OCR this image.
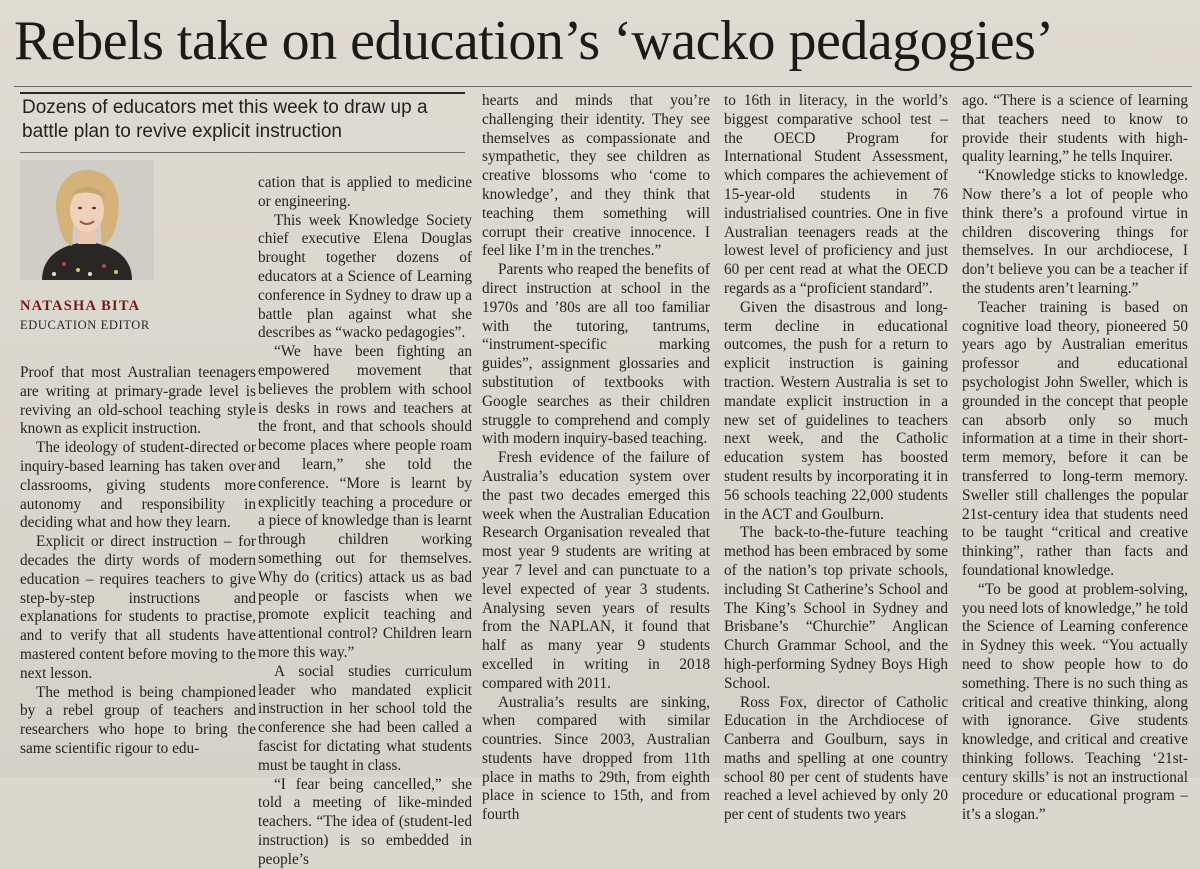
Rebels take on education’s ‘wacko pedagogies’

Dozens of educators met this week to draw up a battle plan to revive explicit instruction

NATASHA BITA
EDUCATION EDITOR

Proof that most Australian teenagers are writing at primary-grade level is reviving an old-school teaching style known as explicit instruction.

The ideology of student-directed or inquiry-based learning has taken over classrooms, giving students more autonomy and responsibility in deciding what and how they learn.

Explicit or direct instruction – for decades the dirty words of modern education – requires teachers to give step-by-step instructions and explanations for students to practise, and to verify that all students have mastered content before moving to the next lesson.

The method is being championed by a rebel group of teachers and researchers who hope to bring the same scientific rigour to edu-

cation that is applied to medicine or engineering.

This week Knowledge Society chief executive Elena Douglas brought together dozens of educators at a Science of Learning conference in Sydney to draw up a battle plan against what she describes as “wacko pedagogies”.

“We have been fighting an empowered movement that believes the problem with school is desks in rows and teachers at the front, and that schools should become places where people roam and learn,” she told the conference. “More is learnt by explicitly teaching a procedure or a piece of knowledge than is learnt through children working something out for themselves. Why do (critics) attack us as bad people or fascists when we promote explicit teaching and attentional control? Children learn more this way.”

A social studies curriculum leader who mandated explicit instruction in her school told the conference she had been called a fascist for dictating what students must be taught in class.

“I fear being cancelled,” she told a meeting of like-minded teachers. “The idea of (student-led instruction) is so embedded in people’s

hearts and minds that you’re challenging their identity. They see themselves as compassionate and sympathetic, they see children as creative blossoms who ‘come to knowledge’, and they think that teaching them something will corrupt their creative innocence. I feel like I’m in the trenches.”

Parents who reaped the benefits of direct instruction at school in the 1970s and ’80s are all too familiar with the tutoring, tantrums, “instrument-specific marking guides”, assignment glossaries and substitution of textbooks with Google searches as their children struggle to comprehend and comply with modern inquiry-based teaching.

Fresh evidence of the failure of Australia’s education system over the past two decades emerged this week when the Australian Education Research Organisation revealed that most year 9 students are writing at year 7 level and can punctuate to a level expected of year 3 students. Analysing seven years of results from the NAPLAN, it found that half as many year 9 students excelled in writing in 2018 compared with 2011.

Australia’s results are sinking, when compared with similar countries. Since 2003, Australian students have dropped from 11th place in maths to 29th, from eighth place in science to 15th, and from fourth

to 16th in literacy, in the world’s biggest comparative school test – the OECD Program for International Student Assessment, which compares the achievement of 15-year-old students in 76 industrialised countries. One in five Australian teenagers reads at the lowest level of proficiency and just 60 per cent read at what the OECD regards as a “proficient standard”.

Given the disastrous and long-term decline in educational outcomes, the push for a return to explicit instruction is gaining traction. Western Australia is set to mandate explicit instruction in a new set of guidelines to teachers next week, and the Catholic education system has boosted student results by incorporating it in 56 schools teaching 22,000 students in the ACT and Goulburn.

The back-to-the-future teaching method has been embraced by some of the nation’s top private schools, including St Catherine’s School and The King’s School in Sydney and Brisbane’s “Churchie” Anglican Church Grammar School, and the high-performing Sydney Boys High School.

Ross Fox, director of Catholic Education in the Archdiocese of Canberra and Goulburn, says in maths and spelling at one country school 80 per cent of students have reached a level achieved by only 20 per cent of students two years

ago. “There is a science of learning that teachers need to know to provide their students with high-quality learning,” he tells Inquirer.

“Knowledge sticks to knowledge. Now there’s a lot of people who think there’s a profound virtue in children discovering things for themselves. In our archdiocese, I don’t believe you can be a teacher if the students aren’t learning.”

Teacher training is based on cognitive load theory, pioneered 50 years ago by Australian emeritus professor and educational psychologist John Sweller, which is grounded in the concept that people can absorb only so much information at a time in their short-term memory, before it can be transferred to long-term memory. Sweller still challenges the popular 21st-century idea that students need to be taught “critical and creative thinking”, rather than facts and foundational knowledge.

“To be good at problem-solving, you need lots of knowledge,” he told the Science of Learning conference in Sydney this week. “You actually need to show people how to do something. There is no such thing as critical and creative thinking, along with ignorance. Give students knowledge, and critical and creative thinking follows. Teaching ‘21st-century skills’ is not an instructional procedure or educational program – it’s a slogan.”
